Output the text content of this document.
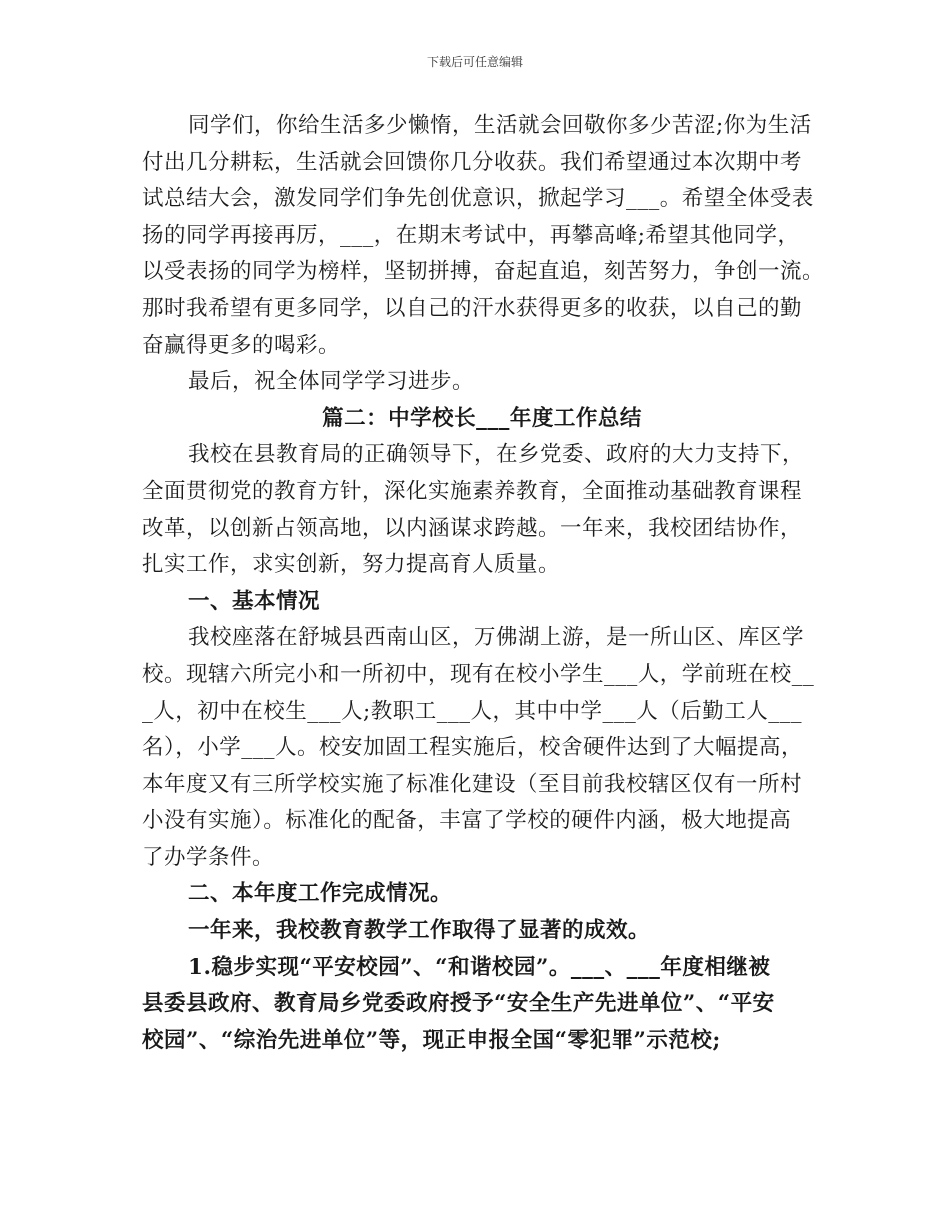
下载后可任意编辑
同学们，你给生活多少懒惰，生活就会回敬你多少苦涩;你为生活
付出几分耕耘，生活就会回馈你几分收获。我们希望通过本次期中考
试总结大会，激发同学们争先创优意识，掀起学习___。希望全体受表
扬的同学再接再厉，___，在期末考试中，再攀高峰;希望其他同学，
以受表扬的同学为榜样，坚韧拼搏，奋起直追，刻苦努力，争创一流。
那时我希望有更多同学，以自己的汗水获得更多的收获，以自己的勤
奋赢得更多的喝彩。
最后，祝全体同学学习进步。
篇二：中学校长___年度工作总结
我校在县教育局的正确领导下，在乡党委、政府的大力支持下，
全面贯彻党的教育方针，深化实施素养教育，全面推动基础教育课程
改革，以创新占领高地，以内涵谋求跨越。一年来，我校团结协作，
扎实工作，求实创新，努力提高育人质量。
一、基本情况
我校座落在舒城县西南山区，万佛湖上游，是一所山区、库区学
校。现辖六所完小和一所初中，现有在校小学生___人，学前班在校__
_人，初中在校生___人;教职工___人，其中中学___人（后勤工人___
名），小学___人。校安加固工程实施后，校舍硬件达到了大幅提高，
本年度又有三所学校实施了标准化建设（至目前我校辖区仅有一所村
小没有实施）。标准化的配备，丰富了学校的硬件内涵，极大地提高
了办学条件。
二、本年度工作完成情况。
一年来，我校教育教学工作取得了显著的成效。
1.稳步实现“平安校园”、“和谐校园”。___、___年度相继被
县委县政府、教育局乡党委政府授予“安全生产先进单位”、“平安
校园”、“综治先进单位”等，现正申报全国“零犯罪”示范校;
